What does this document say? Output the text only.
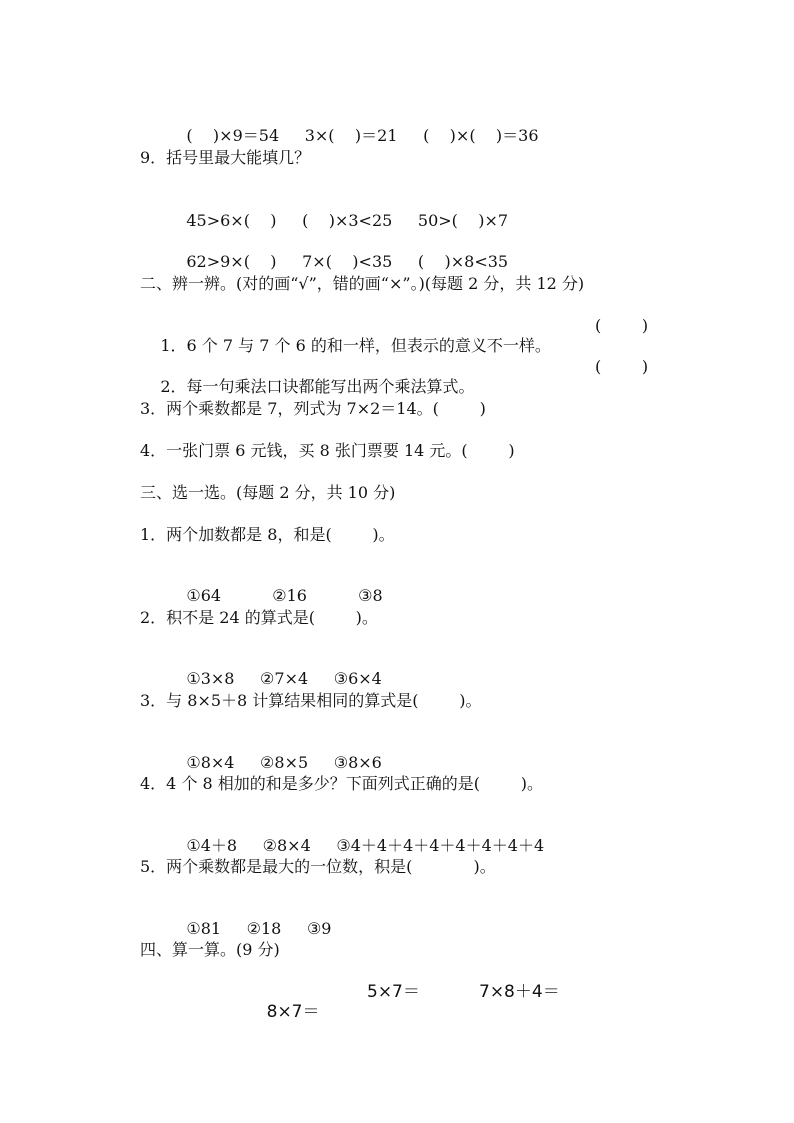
(    )×9＝54 3×(    )＝21 (    )×(    )＝36

9．括号里最大能填几？

45>6×(    ) (    )×3<25 50>(    )×7

62>9×(    ) 7×(    )<35 (    )×8<35

二、辨一辨。(对的画“√”，错的画“×”。)(每题 2 分，共 12 分)

1．6 个 7 与 7 个 6 的和一样，但表示的意义不一样。

(        )

2．每一句乘法口诀都能写出两个乘法算式。

(        )

3．两个乘数都是 7，列式为 7×2＝14。(        )
4．一张门票 6 元钱，买 8 张门票要 14 元。(        )
三、选一选。(每题 2 分，共 10 分)
1．两个加数都是 8，和是(        )。

①64	②16	③8

2．积不是 24 的算式是(        )。

①3×8 ②7×4 ③6×4

3．与 8×5＋8 计算结果相同的算式是(        )。

①8×4 ②8×5 ③8×6

4．4 个 8 相加的和是多少？下面列式正确的是(        )。

①4＋8 ②8×4 ③4＋4＋4＋4＋4＋4＋4＋4

5．两个乘数都是最大的一位数，积是(            )。

①81 ②18 ③9

四、算一算。(9 分)

8×7＝

5×7＝

	7×8＋4＝
